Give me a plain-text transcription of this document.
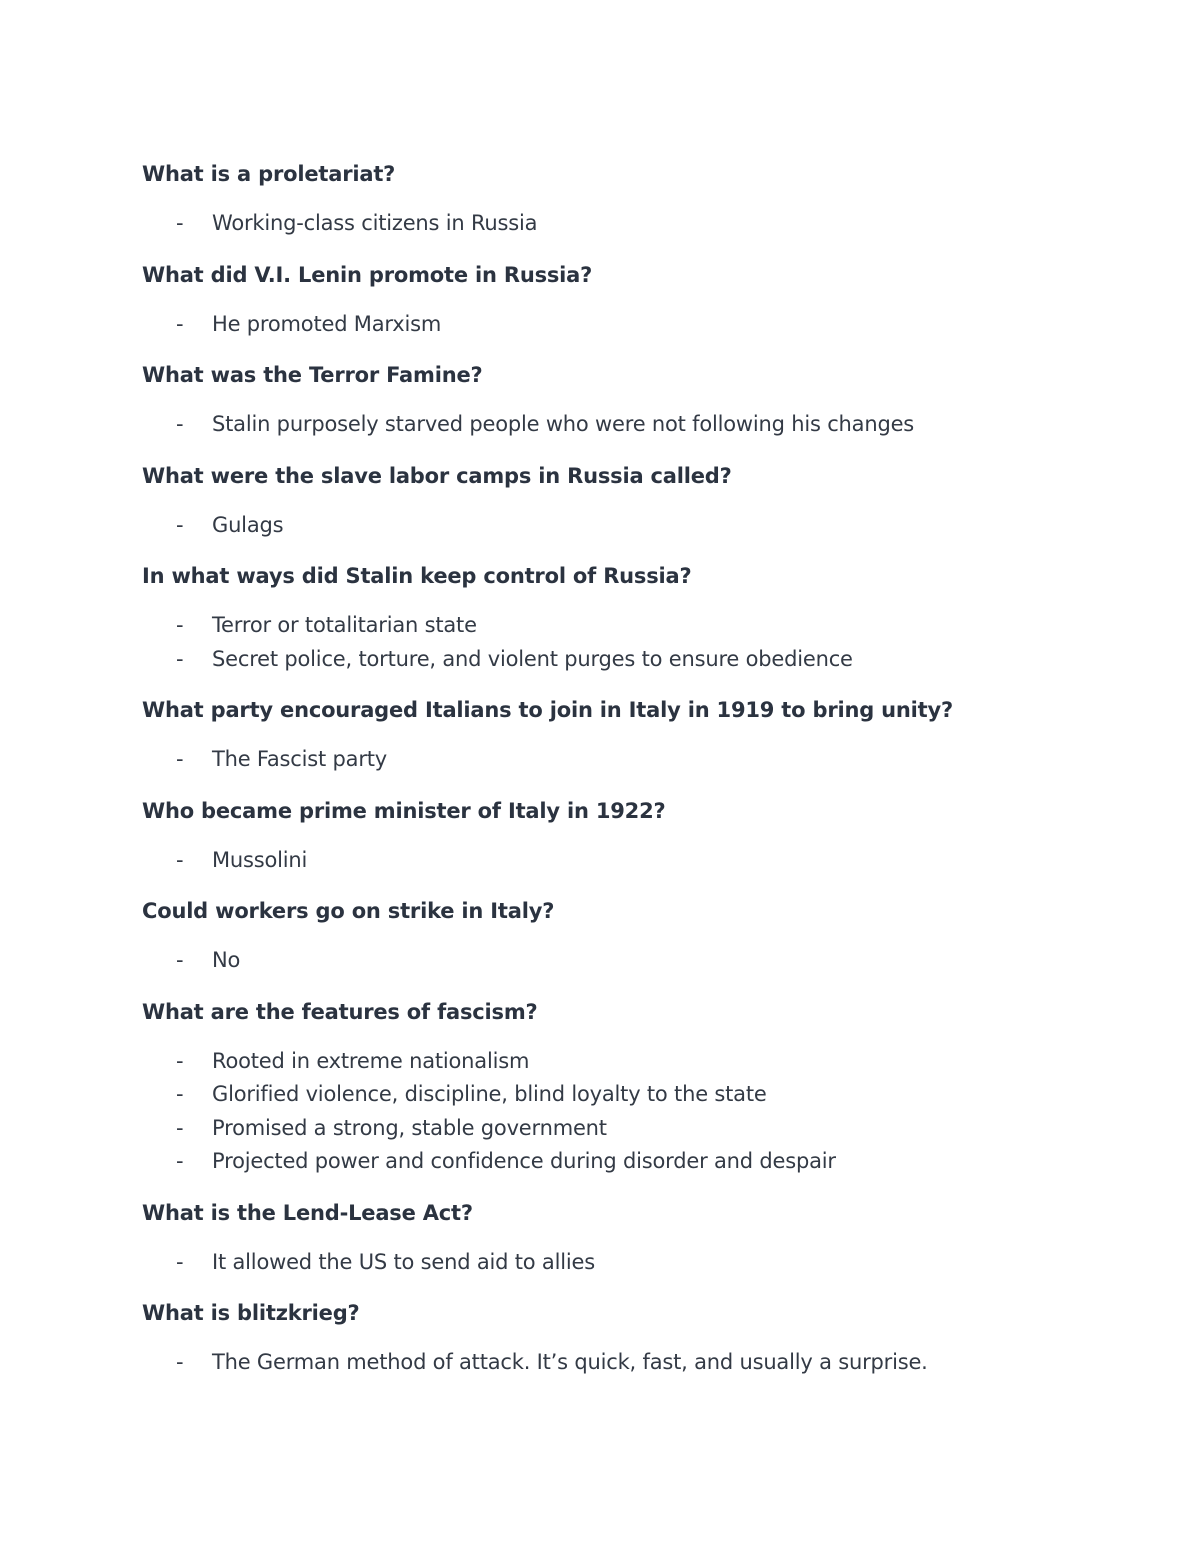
What is a proletariat?

-	Working-class citizens in Russia

What did V.I. Lenin promote in Russia?

-	He promoted Marxism

What was the Terror Famine?

-	Stalin purposely starved people who were not following his changes

What were the slave labor camps in Russia called?

-	Gulags

In what ways did Stalin keep control of Russia?

-	Terror or totalitarian state
-	Secret police, torture, and violent purges to ensure obedience

What party encouraged Italians to join in Italy in 1919 to bring unity?

-	The Fascist party

Who became prime minister of Italy in 1922?

-	Mussolini

Could workers go on strike in Italy?

-	No

What are the features of fascism?

-	Rooted in extreme nationalism
-	Glorified violence, discipline, blind loyalty to the state
-	Promised a strong, stable government
-	Projected power and confidence during disorder and despair

What is the Lend-Lease Act?

-	It allowed the US to send aid to allies

What is blitzkrieg?

-	The German method of attack. It’s quick, fast, and usually a surprise.
